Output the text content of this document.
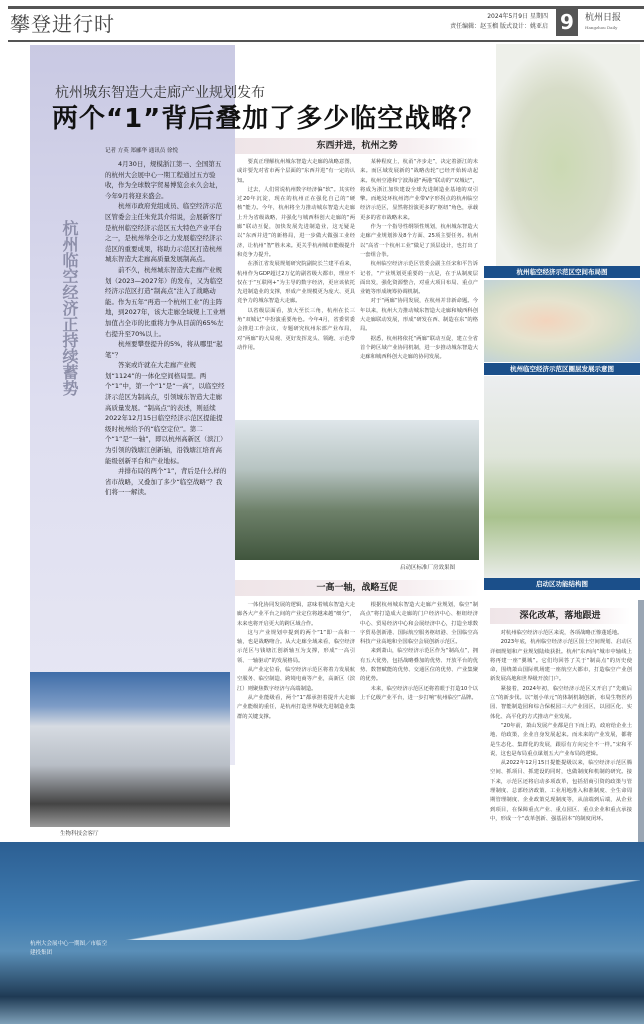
攀登进行时	2024年5月9日 星期四
责任编辑：赵玉榴 版式设计：姚亚启 9	杭州日报
Hangzhou Daily
杭州城东智造大走廊产业规划发布
两个“1”背后叠加了多少临空战略？
杭州临空经济正持续蓄势
记者 方英 郑郦华 通讯员 徐悦

4月30日，规模浙江第一、全国第五的杭州大会展中心一期工程通过五方验收，作为全球数字贸易博览会永久会址，今年9月将迎来盛会。

杭州市政府党组成员、临空经济示范区管委会主任朱党其介绍说，会展新客厅是杭州临空经济示范区五大特色产业平台之一，是杭州举全市之力发展临空经济示范区的重要成果，将助力示范区打造杭州城东智造大走廊高质量发展制高点。

前不久，杭州城东智造大走廊产业规划（2023—2027年）的发布，又为临空经济示范区打造“制高点”注入了战略动能。作为五年“再造一个杭州工业”的主阵地，到2027年，该大走廊全域规上工业增加值占全市的比重将力争从目前的65%左右提升至70%以上。

杭州要攀登提升的5%，将从哪里“起笔”？

答案或许就在大走廊产业规划“1124”的一体化空间格局里。两个“1”中，第一个“1”是“一高”，以临空经济示范区为制高点，引领城东智造大走廊高质量发展。“制高点”的表述，则延续2022年12月15日临空经济示范区提能提级时杭州给予的“临空定位”。第二个“1”是“一轴”，即以杭州高新区（滨江）为引领的钱塘江创新轴，沿钱塘江培育高能级创新平台和产业地标。

并排布局的两个“1”，背后是什么样的省市战略，又叠加了多少“临空战略”？我们将一一解读。

东西并进，杭州之势

要真正理解杭州城东智造大走廊的战略意图，或许要先对省市两个层面的“东西并进”有一定的认知。

过去，人们常说杭州数字经济偏“软”。其实经过20年沉淀，现在的杭州正在强化自己的“硬核”能力。今年，杭州将全力推动城东智造大走廊上升为省级战略，并强化与城西科创大走廊的“两廊”联动互促，加快发展先进制造业，这无疑是以“东西并进”的新格局，进一步做大做强工业经济，让杭州“智”胜未来。更关乎杭州城市能级提升和竞争力提升。

在浙江省发展规划研究院副院长兰建平看来，杭州作为GDP超过2万亿的副省级大都市，理应不仅在于“互联网+”为主导的数字经济，更应该依托先进制造业的支撑，形成产业规模更为庞大、更具竞争力的城东智造大走廊。

以省级层面看，放大至长三角，杭州在长三角“双城记”中扮演重要角色。今年4月，省委常委会推进工作会议，专题研究杭州东部产业布局，对“两廊”的大局观、更好发挥龙头、领跑、示范带动作用。

某种程度上，杭甬“齐步走”，决定着浙江的未来。而区域发展新的“战略齿轮”已经开始转动起来。杭州空港和宁波海港“两港”联动的“双城记”，将成为浙江加快建设全球先进制造业基地的双引擎。而地处环杭州湾产业带V字形拐点的杭州临空经济示范区，显然将扮演更多的“枢纽”角色，承载更多的省市战略未来。

作为一个指导性纲领性规划，杭州城东智造大走廊产业规划涉及8个方面、25项主要任务。杭州以“高省一个杭州工业”做足了顶层设计，也打出了一套组合拳。

杭州临空经济示范区管委会副主任宋和平告诉记者，“产业规划更重要的一点是，在于从制度层面出发，强化资源整合，对重大项目布局、重点产业链等形成统筹协调机制。

对于“两廊”协同发展，在杭州并非新命题。今年以来，杭州大力推动城东智造大走廊和城西科创大走廊联动发展，形成“研发在西、制造在东”的格局。

据悉，杭州将依托“两廊”联动互促，建立全省首个跨区域产业协同机制，进一步推动城东智造大走廊和城西科创大走廊的协同发展。

启动区标准厂房效果图
一高一轴，战略互促

一体化协同发展的逻辑，意味着城东智造大走廊各大产业平台之间的产业定位将越来越“细分”，未来也将开启更大的跨区域合作。

这与产业规划中提到的两个“1”即一高和一轴，也是战略吻合。从大走廊全域来看，临空经济示范区与钱塘江创新轴互为支撑，形成“一高引领、一轴驱动”的发展格局。

从产业定位看，临空经济示范区将着力发展航空服务、临空制造、跨境电商等产业，高新区（滨江）则聚焦数字经济与高端制造。

从产业能级看，两个“1”都承担着提升大走廊产业能级的重任，是杭州打造世界级先进制造业集群的关键支撑。

根据杭州城东智造大走廊产业规划，临空“制高点”将打造成大走廊的门户经济中心、枢纽经济中心、贸易经济中心和会展经济中心，打造全球数字贸易创新港、国际航空服务枢纽港、全国临空高科技产业高地和全国临空会展创新示范区。

来到萧山，临空经济示范区作为“制高点”，拥有五大优势，包括战略叠加的优势、开放平台的优势、数智赋能的优势、交通区位的优势、产业集聚的优势。

未来，临空经济示范区还将着眼于打造10个以上千亿级产业平台，进一步打响“杭州临空”品牌。

杭州临空经济示范区空间布局图
杭州临空经济示范区圈层发展示意图
启动区功能结构图
深化改革，落地跟进

对杭州临空经济示范区来说，各项战略正惨蓬延地。

2023年底，杭州临空经济示范区国土空间规划、启动区详细规划和产业规划陆续获批。杭州“东西向”城市中轴线上将再建一座“翼城”。它们均回答了关于“制高点”的历史使命，围绕萧山国际机场建一座航空大都市，打造临空产业创新发展高地和世界级开放门户。

紧接着，2024年初，临空经济示范区又开启了“先破后立”的新步伐。以“划小单元”的体制机制创新，布局生物医药园、智能制造园和综合保税园三大产业园区，以园区化、实体化、高平化的方式推动产业发展。

“20年前，萧山发展产业都是自下而上的，政府给企业土地、给政策，企业自身发展起来。而未来的产业发展，都将是生态化、集群化的发展，跟原有方向完全不一样。”宋和平说，这也是布局重点谋划五大产业布局的逻辑。

从2022年12月15日提能提级以来，临空经济示范区腾空间、抓项目、抓建设的同时，也做制度和机制的研究。接下来，示范区还将启动多项改革，包括招商引资的政策与管理制度、总部经济政策、工业用地准入和准制度、全生命周期管理制度、企业政策兑现制度等，从前端到后端，从企业到项目，在保障重点产业、重点园区、重点企业和重点承接中，形成一个“改革创新、强基固本”的制度闭环。

生物科技会客厅
杭州大会展中心一期图／市临空建投集团
